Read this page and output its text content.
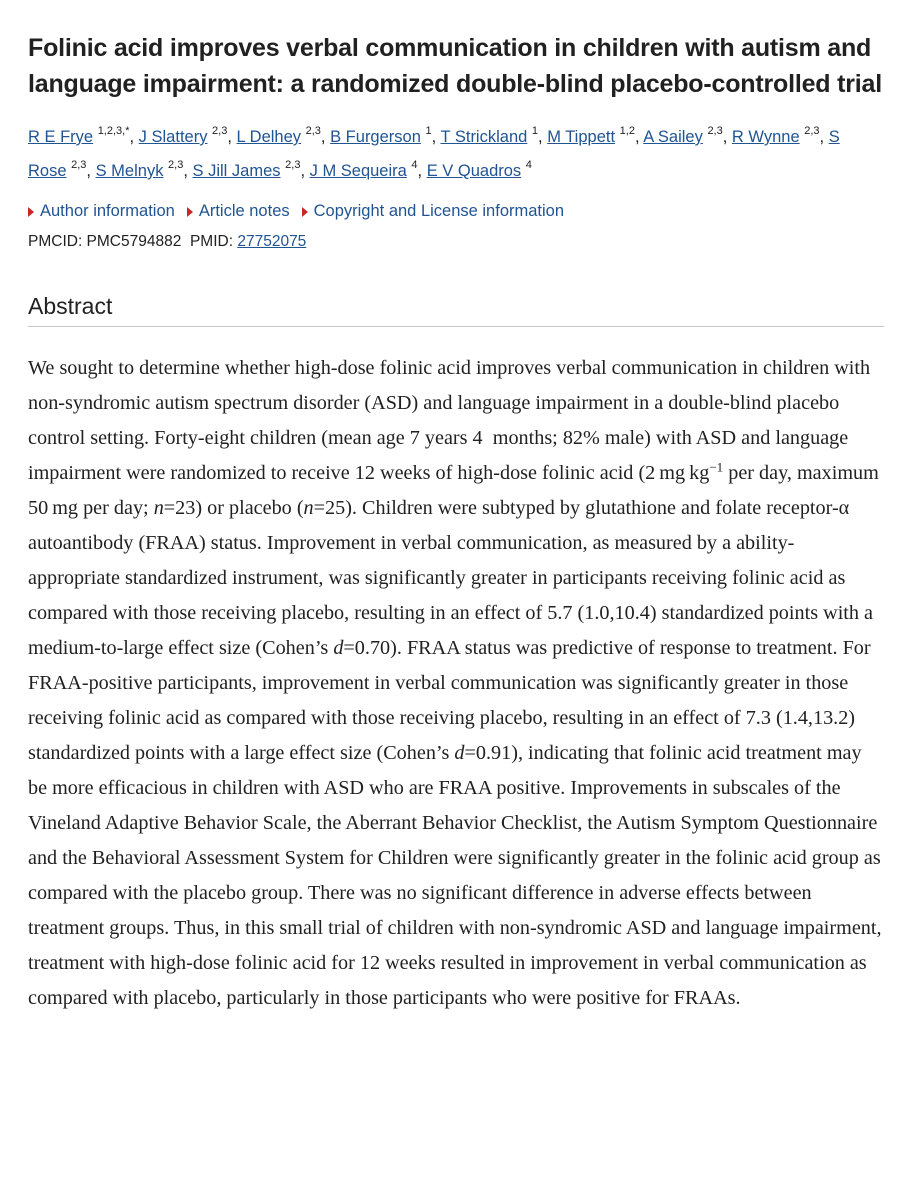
Folinic acid improves verbal communication in children with autism and language impairment: a randomized double-blind placebo-controlled trial
R E Frye $^{1,2,3,*}$, J Slattery $^{2,3}$, L Delhey $^{2,3}$, B Furgerson $^1$, T Strickland $^1$, M Tippett $^{1,2}$, A Sailey $^{2,3}$, R Wynne $^{2,3}$, S Rose $^{2,3}$, S Melnyk $^{2,3}$, S Jill James $^{2,3}$, J M Sequeira $^4$, E V Quadros $^4$
Author information Article notes Copyright and License information
PMCID: PMC5794882 PMID: 27752075
Abstract
We sought to determine whether high-dose folinic acid improves verbal communication in children with non-syndromic autism spectrum disorder (ASD) and language impairment in a double-blind placebo control setting. Forty-eight children (mean age 7 years 4  months; 82% male) with ASD and language impairment were randomized to receive 12 weeks of high-dose folinic acid (2 mg $kg^{-1}$ per day, maximum 50 mg per day; n=23) or placebo (n=25). Children were subtyped by glutathione and folate receptor-α autoantibody (FRAA) status. Improvement in verbal communication, as measured by a ability-appropriate standardized instrument, was significantly greater in participants receiving folinic acid as compared with those receiving placebo, resulting in an effect of 5.7 (1.0,10.4) standardized points with a medium-to-large effect size (Cohen’s d=0.70). FRAA status was predictive of response to treatment. For FRAA-positive participants, improvement in verbal communication was significantly greater in those receiving folinic acid as compared with those receiving placebo, resulting in an effect of 7.3 (1.4,13.2) standardized points with a large effect size (Cohen’s d=0.91), indicating that folinic acid treatment may be more efficacious in children with ASD who are FRAA positive. Improvements in subscales of the Vineland Adaptive Behavior Scale, the Aberrant Behavior Checklist, the Autism Symptom Questionnaire and the Behavioral Assessment System for Children were significantly greater in the folinic acid group as compared with the placebo group. There was no significant difference in adverse effects between treatment groups. Thus, in this small trial of children with non-syndromic ASD and language impairment, treatment with high-dose folinic acid for 12 weeks resulted in improvement in verbal communication as compared with placebo, particularly in those participants who were positive for FRAAs.
